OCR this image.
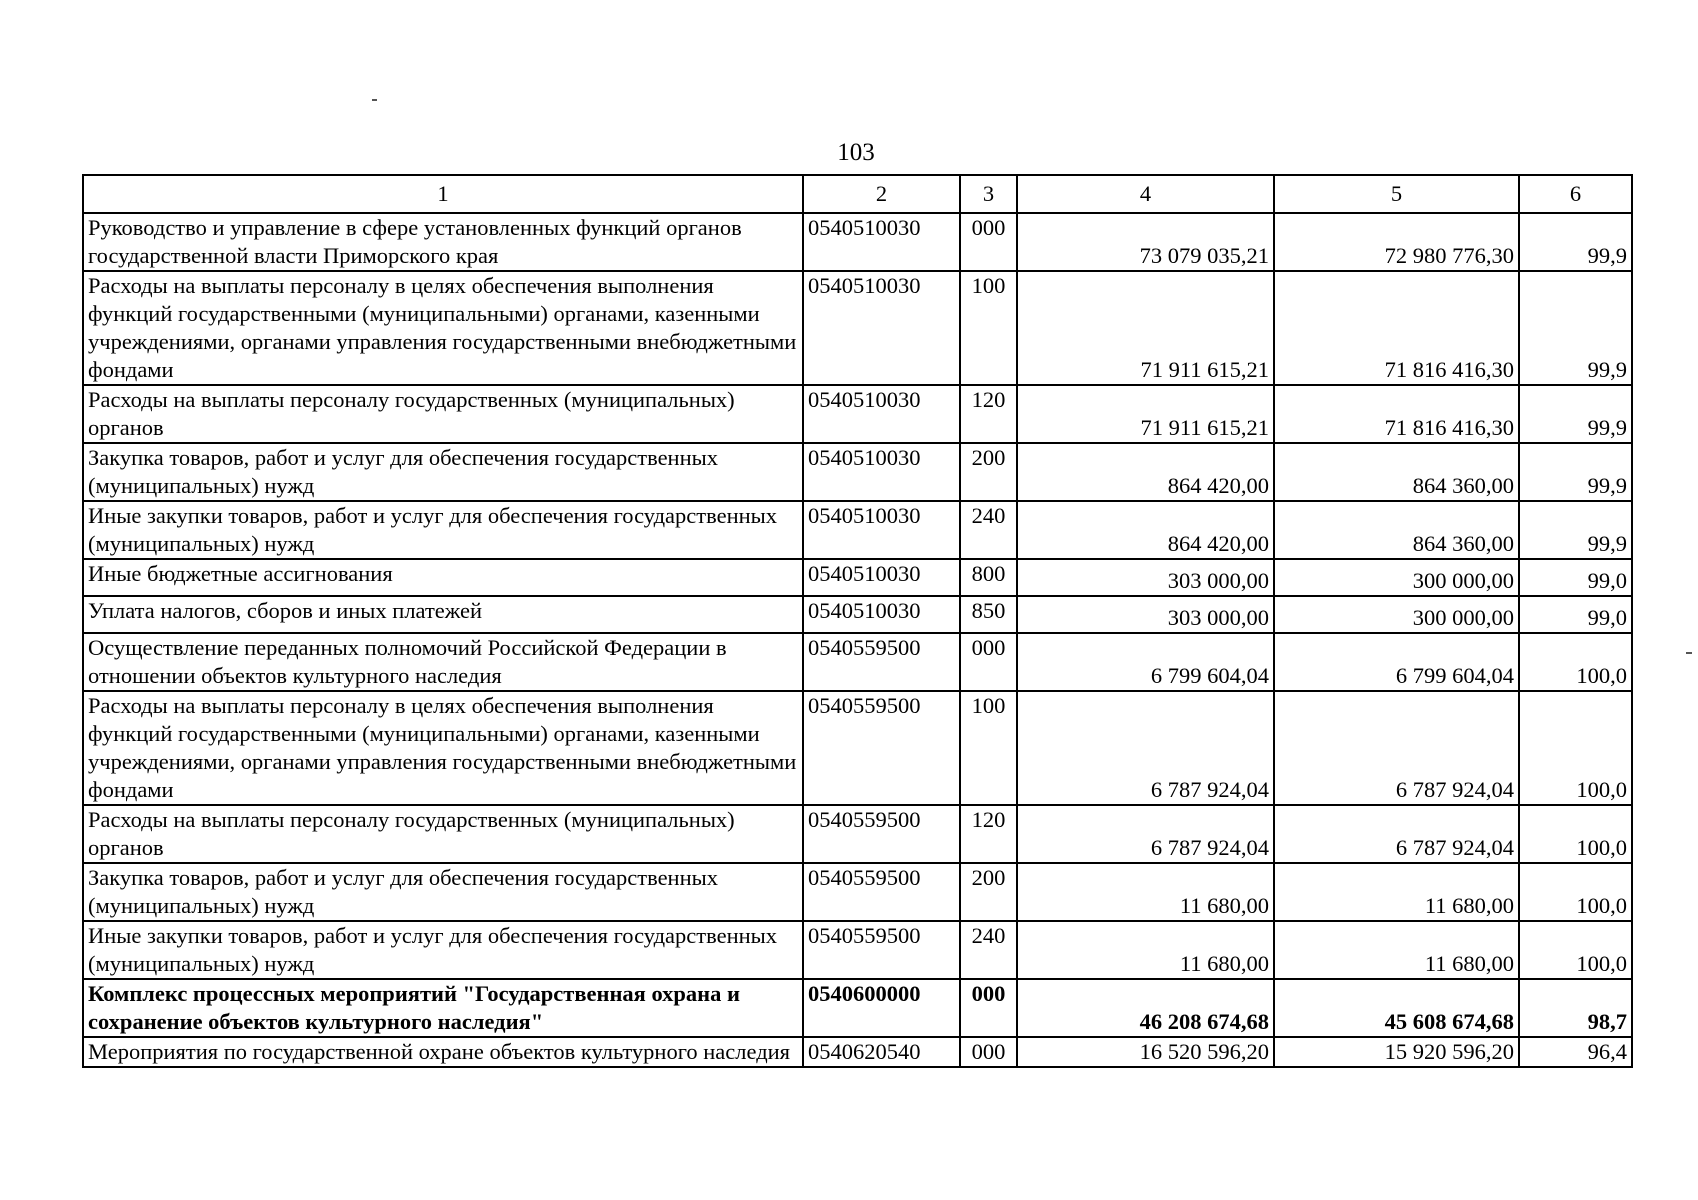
103
1	2	3	4	5	6
Руководство и управление в сфере установленных функций органов государственной власти Приморского края	0540510030	000	73 079 035,21	72 980 776,30	99,9
Расходы на выплаты персоналу в целях обеспечения выполнения функций государственными (муниципальными) органами, казенными учреждениями, органами управления государственными внебюджетными фондами	0540510030	100	71 911 615,21	71 816 416,30	99,9
Расходы на выплаты персоналу государственных (муниципальных) органов	0540510030	120	71 911 615,21	71 816 416,30	99,9
Закупка товаров, работ и услуг для обеспечения государственных (муниципальных) нужд	0540510030	200	864 420,00	864 360,00	99,9
Иные закупки товаров, работ и услуг для обеспечения государственных (муниципальных) нужд	0540510030	240	864 420,00	864 360,00	99,9
Иные бюджетные ассигнования	0540510030	800	303 000,00	300 000,00	99,0
Уплата налогов, сборов и иных платежей	0540510030	850	303 000,00	300 000,00	99,0
Осуществление переданных полномочий Российской Федерации в отношении объектов культурного наследия	0540559500	000	6 799 604,04	6 799 604,04	100,0
Расходы на выплаты персоналу в целях обеспечения выполнения функций государственными (муниципальными) органами, казенными учреждениями, органами управления государственными внебюджетными фондами	0540559500	100	6 787 924,04	6 787 924,04	100,0
Расходы на выплаты персоналу государственных (муниципальных) органов	0540559500	120	6 787 924,04	6 787 924,04	100,0
Закупка товаров, работ и услуг для обеспечения государственных (муниципальных) нужд	0540559500	200	11 680,00	11 680,00	100,0
Иные закупки товаров, работ и услуг для обеспечения государственных (муниципальных) нужд	0540559500	240	11 680,00	11 680,00	100,0
Комплекс процессных мероприятий "Государственная охрана и сохранение объектов культурного наследия"	0540600000	000	46 208 674,68	45 608 674,68	98,7
Мероприятия по государственной охране объектов культурного наследия	0540620540	000	16 520 596,20	15 920 596,20	96,4
